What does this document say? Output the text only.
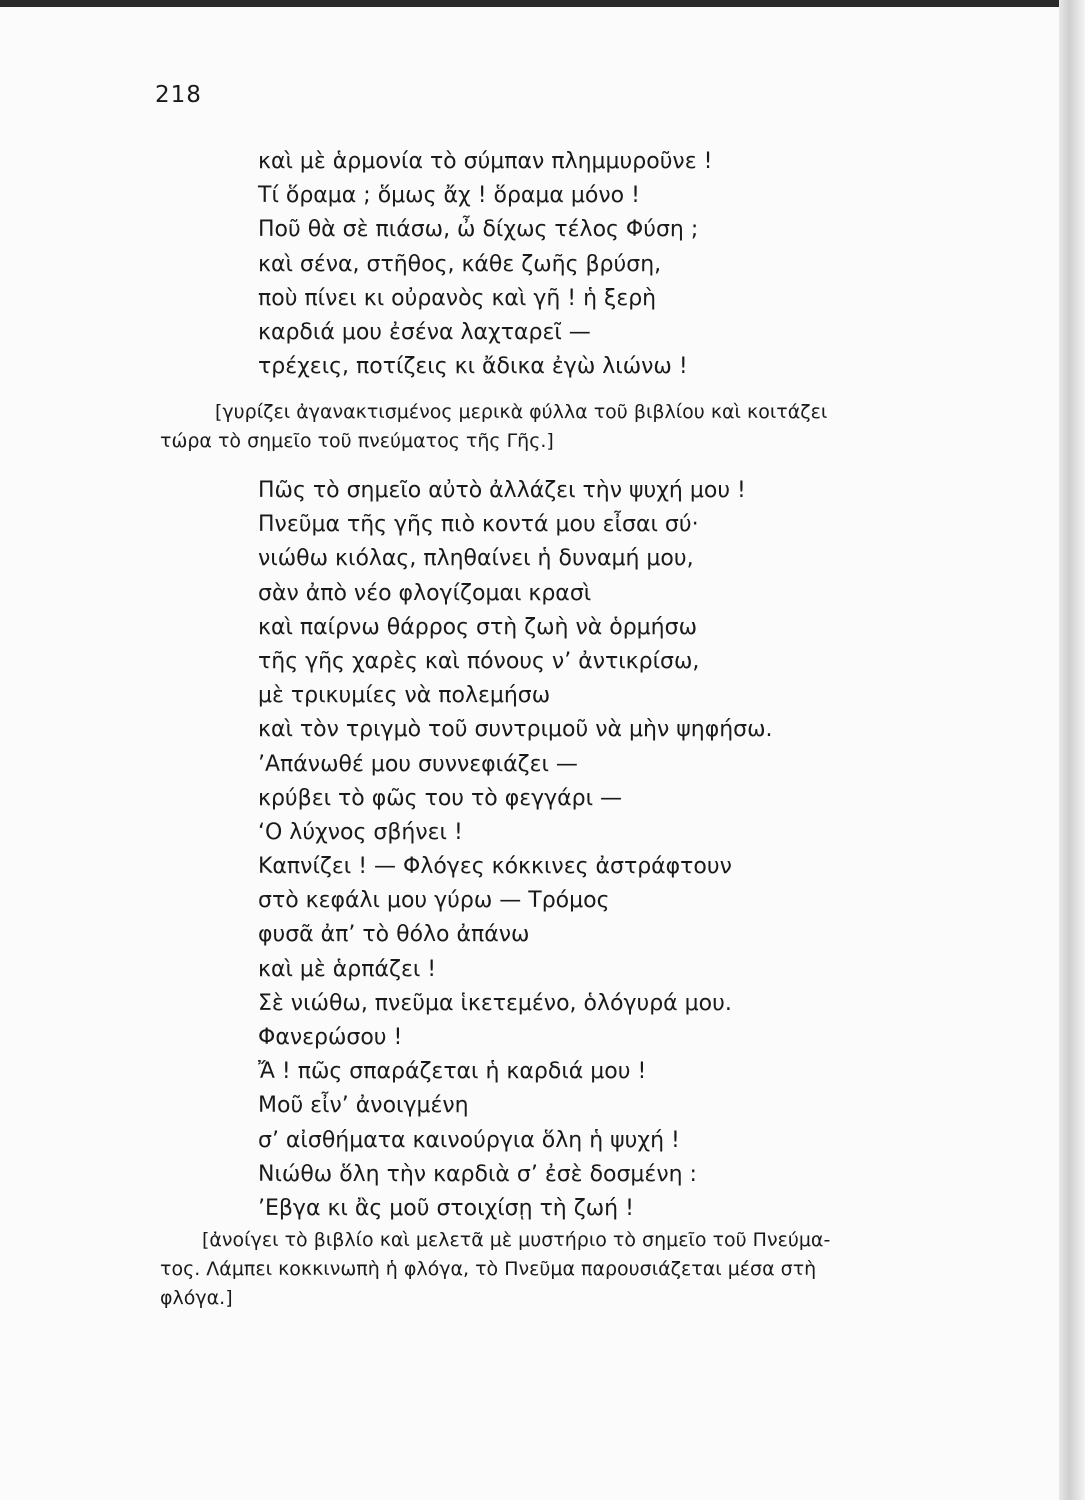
218
καὶ μὲ ἁρμονία τὸ σύμπαν πλημμυροῦνε !
Τί ὅραμα ; ὅμως ἄχ ! ὅραμα μόνο !
Ποῦ θὰ σὲ πιάσω, ὦ δίχως τέλος Φύση ;
καὶ σένα, στῆθος, κάθε ζωῆς βρύση,
ποὺ πίνει κι οὐρανὸς καὶ γῆ ! ἡ ξερὴ
καρδιά μου ἐσένα λαχταρεῖ —
τρέχεις, ποτίζεις κι ἄδικα ἐγὼ λιώνω !

[γυρίζει ἀγανακτισμένος μερικὰ φύλλα τοῦ βιβλίου καὶ κοιτάζει
τώρα τὸ σημεῖο τοῦ πνεύματος τῆς Γῆς.]

Πῶς τὸ σημεῖο αὐτὸ ἀλλάζει τὴν ψυχή μου !
Πνεῦμα τῆς γῆς πιὸ κοντά μου εἶσαι σύ·
νιώθω κιόλας, πληθαίνει ἡ δυναμή μου,
σὰν ἀπὸ νέο φλογίζομαι κρασὶ
καὶ παίρνω θάρρος στὴ ζωὴ νὰ ὁρμήσω
τῆς γῆς χαρὲς καὶ πόνους ν’ ἀντικρίσω,
μὲ τρικυμίες νὰ πολεμήσω
καὶ τὸν τριγμὸ τοῦ συντριμοῦ νὰ μὴν ψηφήσω.
’Απάνωθέ μου συννεφιάζει —
κρύβει τὸ φῶς του τὸ φεγγάρι —
‘Ο λύχνος σβήνει !
Καπνίζει ! — Φλόγες κόκκινες ἀστράφτουν
στὸ κεφάλι μου γύρω — Τρόμος
φυσᾶ ἀπ’ τὸ θόλο ἀπάνω
καὶ μὲ ἁρπάζει !
Σὲ νιώθω, πνεῦμα ἱκετεμένο, ὁλόγυρά μου.
Φανερώσου !
Ἄ ! πῶς σπαράζεται ἡ καρδιά μου !
Μοῦ εἶν’ ἀνοιγμένη
σ’ αἰσθήματα καινούργια ὅλη ἡ ψυχή !
Νιώθω ὅλη τὴν καρδιὰ σ’ ἐσὲ δοσμένη :
’Εβγα κι ἂς μοῦ στοιχίσῃ τὴ ζωή !

[ἀνοίγει τὸ βιβλίο καὶ μελετᾶ μὲ μυστήριο τὸ σημεῖο τοῦ Πνεύμα-
τος. Λάμπει κοκκινωπὴ ἡ φλόγα, τὸ Πνεῦμα παρουσιάζεται μέσα στὴ
φλόγα.]
